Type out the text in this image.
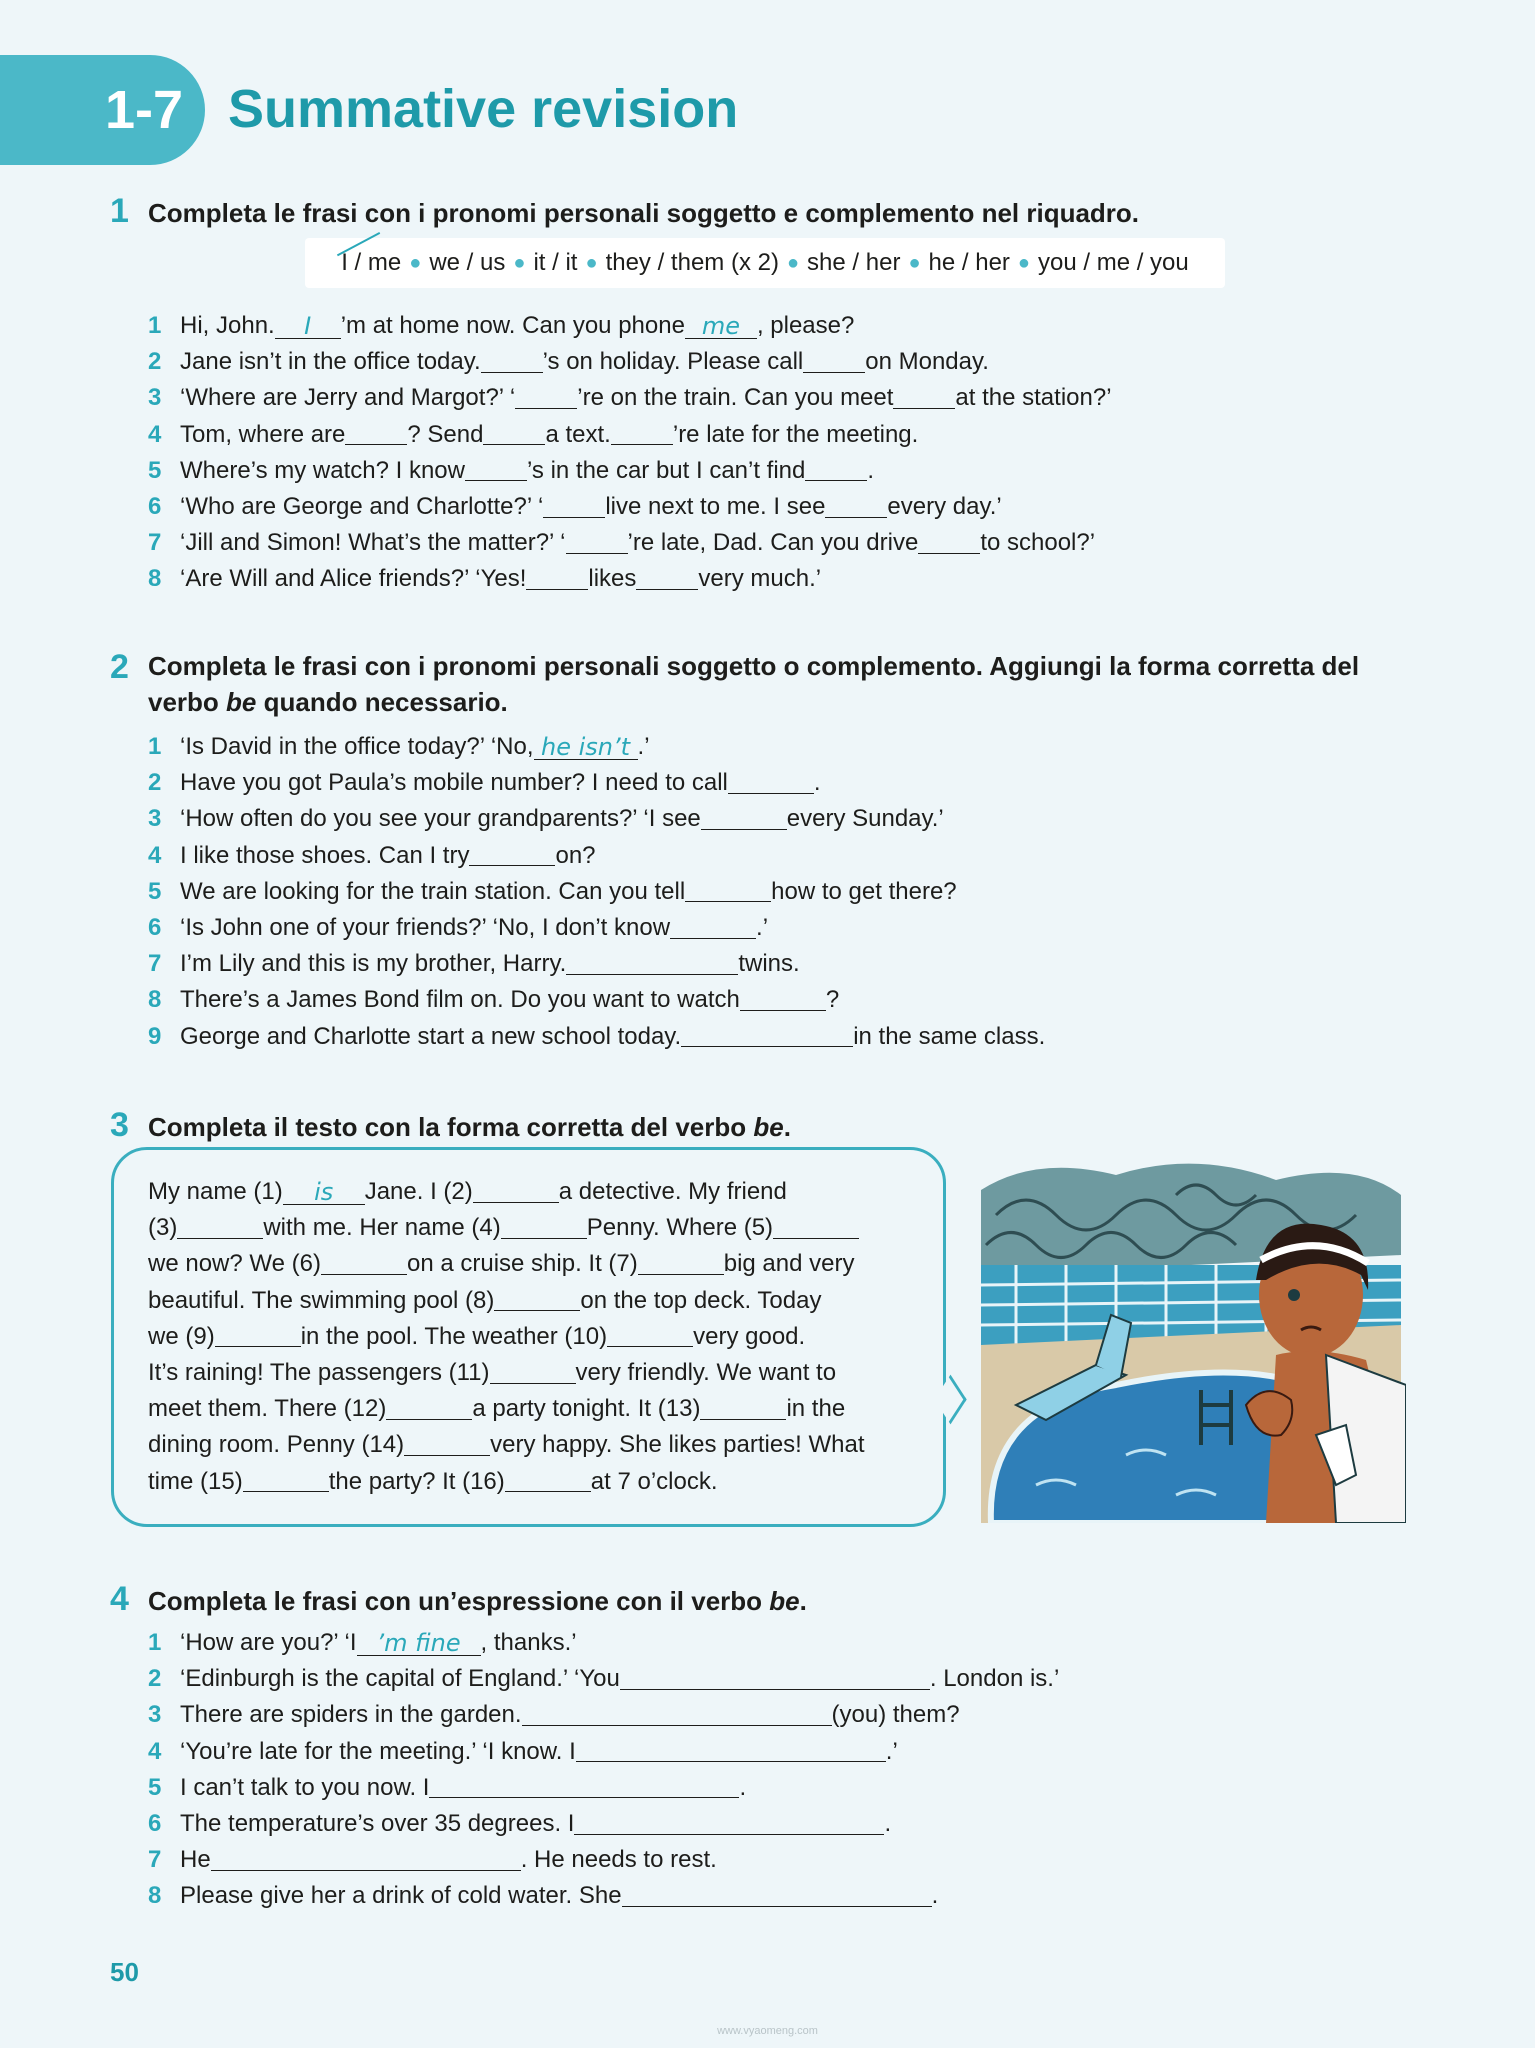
1-7 Summative revision
1 Completa le frasi con i pronomi personali soggetto e complemento nel riquadro.
I / me ● we / us ● it / it ● they / them (x 2) ● she / her ● he / her ● you / me / you
1 Hi, John.	I	’m at home now. Can you phone me , please?
2 Jane isn’t in the office today.	’s on holiday. Please call	on Monday.
3 ‘Where are Jerry and Margot?’ ‘	’re on the train. Can you meet	at the station?’
4 Tom, where are	? Send	a text.	’re late for the meeting.
5 Where’s my watch? I know	’s in the car but I can’t find	.
6 ‘Who are George and Charlotte?’ ‘	live next to me. I see	every day.’
7 ‘Jill and Simon! What’s the matter?’ ‘	’re late, Dad. Can you drive	to school?’
8 ‘Are Will and Alice friends?’ ‘Yes!	likes	very much.’
2 Completa le frasi con i pronomi personali soggetto o complemento. Aggiungi la forma corretta del
verbo be quando necessario.
1 ‘Is David in the office today?’ ‘No, he isn’t .’
2 Have you got Paula’s mobile number? I need to call	.
3 ‘How often do you see your grandparents?’ ‘I see	every Sunday.’
4 I like those shoes. Can I try	on?
5 We are looking for the train station. Can you tell	how to get there?
6 ‘Is John one of your friends?’ ‘No, I don’t know	.’
7 I’m Lily and this is my brother, Harry.	twins.
8 There’s a James Bond film on. Do you want to watch	?
9 George and Charlotte start a new school today.	in the same class.
3 Completa il testo con la forma corretta del verbo be.
My name (1)	is	Jane. I (2)	a detective. My friend
(3)	with me. Her name (4)	Penny. Where (5)
we now? We (6)	on a cruise ship. It (7)	big and very
beautiful. The swimming pool (8)	on the top deck. Today
we (9)	in the pool. The weather (10)	very good.
It’s raining! The passengers (11)	very friendly. We want to
meet them. There (12)	a party tonight. It (13)	in the
dining room. Penny (14)	very happy. She likes parties! What
time (15)	the party? It (16)	at 7 o’clock.
4 Completa le frasi con un’espressione con il verbo be.
1 ‘How are you?’ ‘I ’m fine , thanks.’
2 ‘Edinburgh is the capital of England.’ ‘You	. London is.’
3 There are spiders in the garden.	(you) them?
4 ‘You’re late for the meeting.’ ‘I know. I	.’
5 I can’t talk to you now. I	.
6 The temperature’s over 35 degrees. I	.
7 He	. He needs to rest.
8 Please give her a drink of cold water. She	.
50
www.vyaomeng.com
